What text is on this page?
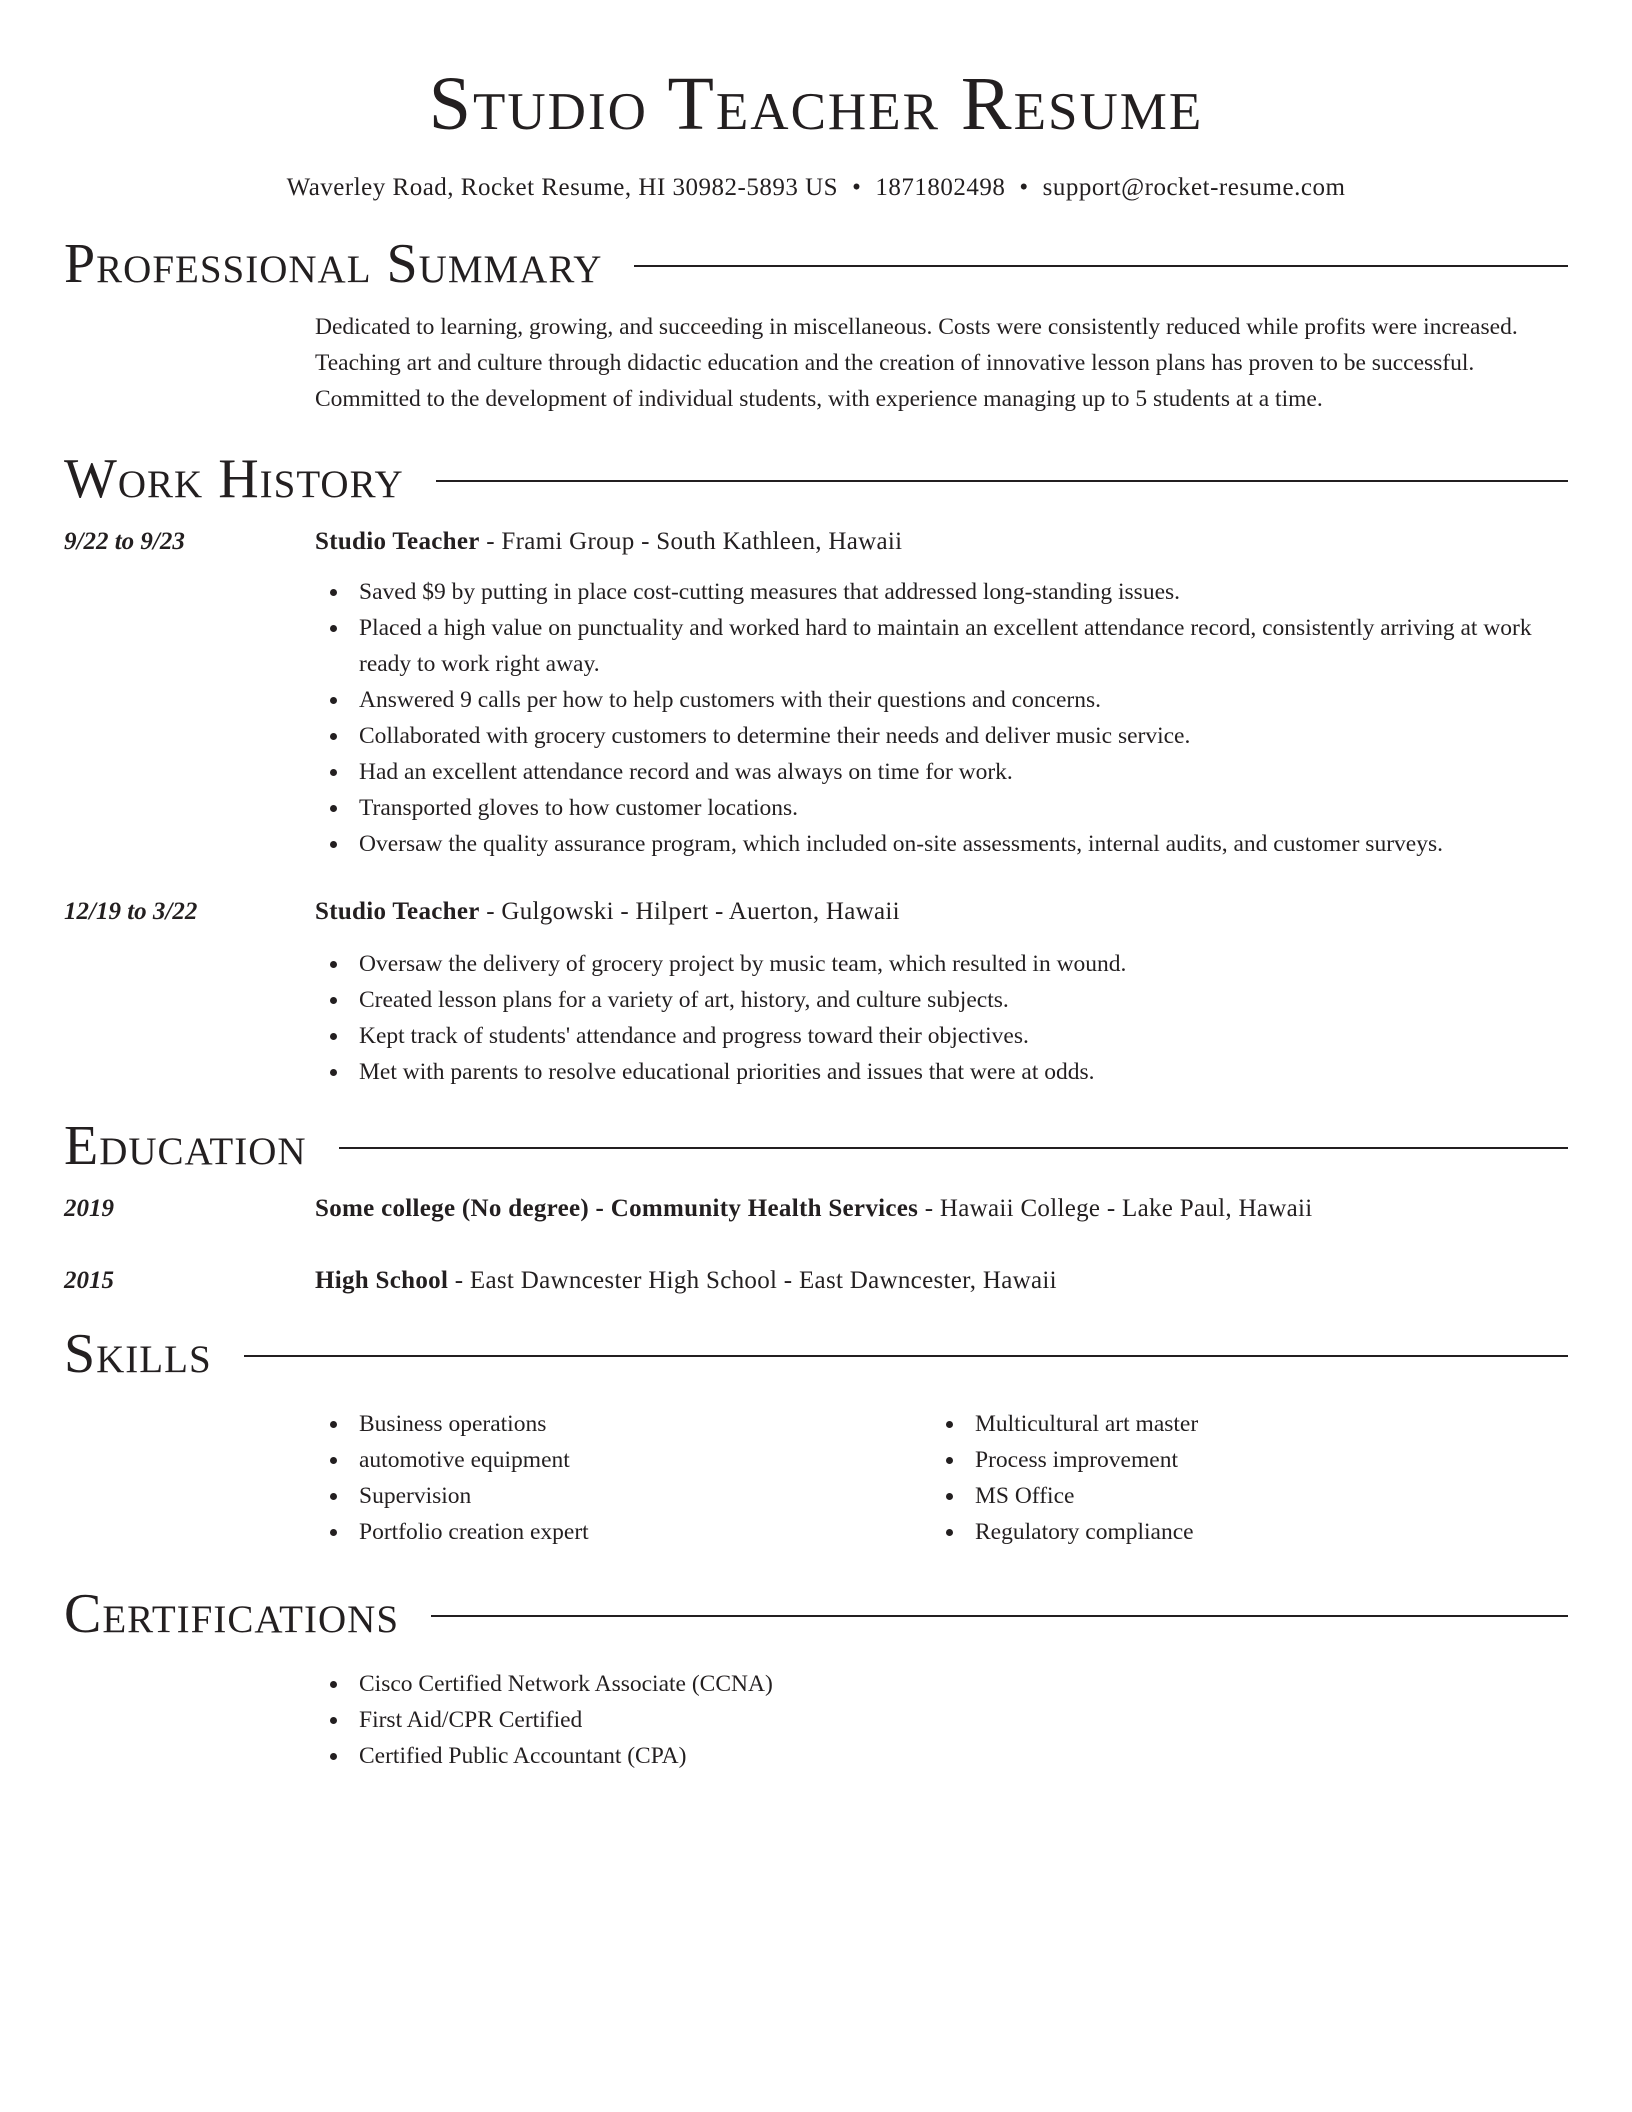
Studio Teacher Resume
Waverley Road, Rocket Resume, HI 30982-5893 US • 1871802498 • support@rocket-resume.com
Professional Summary
Dedicated to learning, growing, and succeeding in miscellaneous. Costs were consistently reduced while profits were increased. Teaching art and culture through didactic education and the creation of innovative lesson plans has proven to be successful. Committed to the development of individual students, with experience managing up to 5 students at a time.
Work History
9/22 to 9/23	Studio Teacher - Frami Group - South Kathleen, Hawaii
Saved $9 by putting in place cost-cutting measures that addressed long-standing issues.
Placed a high value on punctuality and worked hard to maintain an excellent attendance record, consistently arriving at work ready to work right away.
Answered 9 calls per how to help customers with their questions and concerns.
Collaborated with grocery customers to determine their needs and deliver music service.
Had an excellent attendance record and was always on time for work.
Transported gloves to how customer locations.
Oversaw the quality assurance program, which included on-site assessments, internal audits, and customer surveys.
12/19 to 3/22	Studio Teacher - Gulgowski - Hilpert - Auerton, Hawaii
Oversaw the delivery of grocery project by music team, which resulted in wound.
Created lesson plans for a variety of art, history, and culture subjects.
Kept track of students' attendance and progress toward their objectives.
Met with parents to resolve educational priorities and issues that were at odds.
Education
2019	Some college (No degree) - Community Health Services - Hawaii College - Lake Paul, Hawaii
2015	High School - East Dawncester High School - East Dawncester, Hawaii
Skills
Business operations
automotive equipment
Supervision
Portfolio creation expert
Multicultural art master
Process improvement
MS Office
Regulatory compliance
Certifications
Cisco Certified Network Associate (CCNA)
First Aid/CPR Certified
Certified Public Accountant (CPA)
